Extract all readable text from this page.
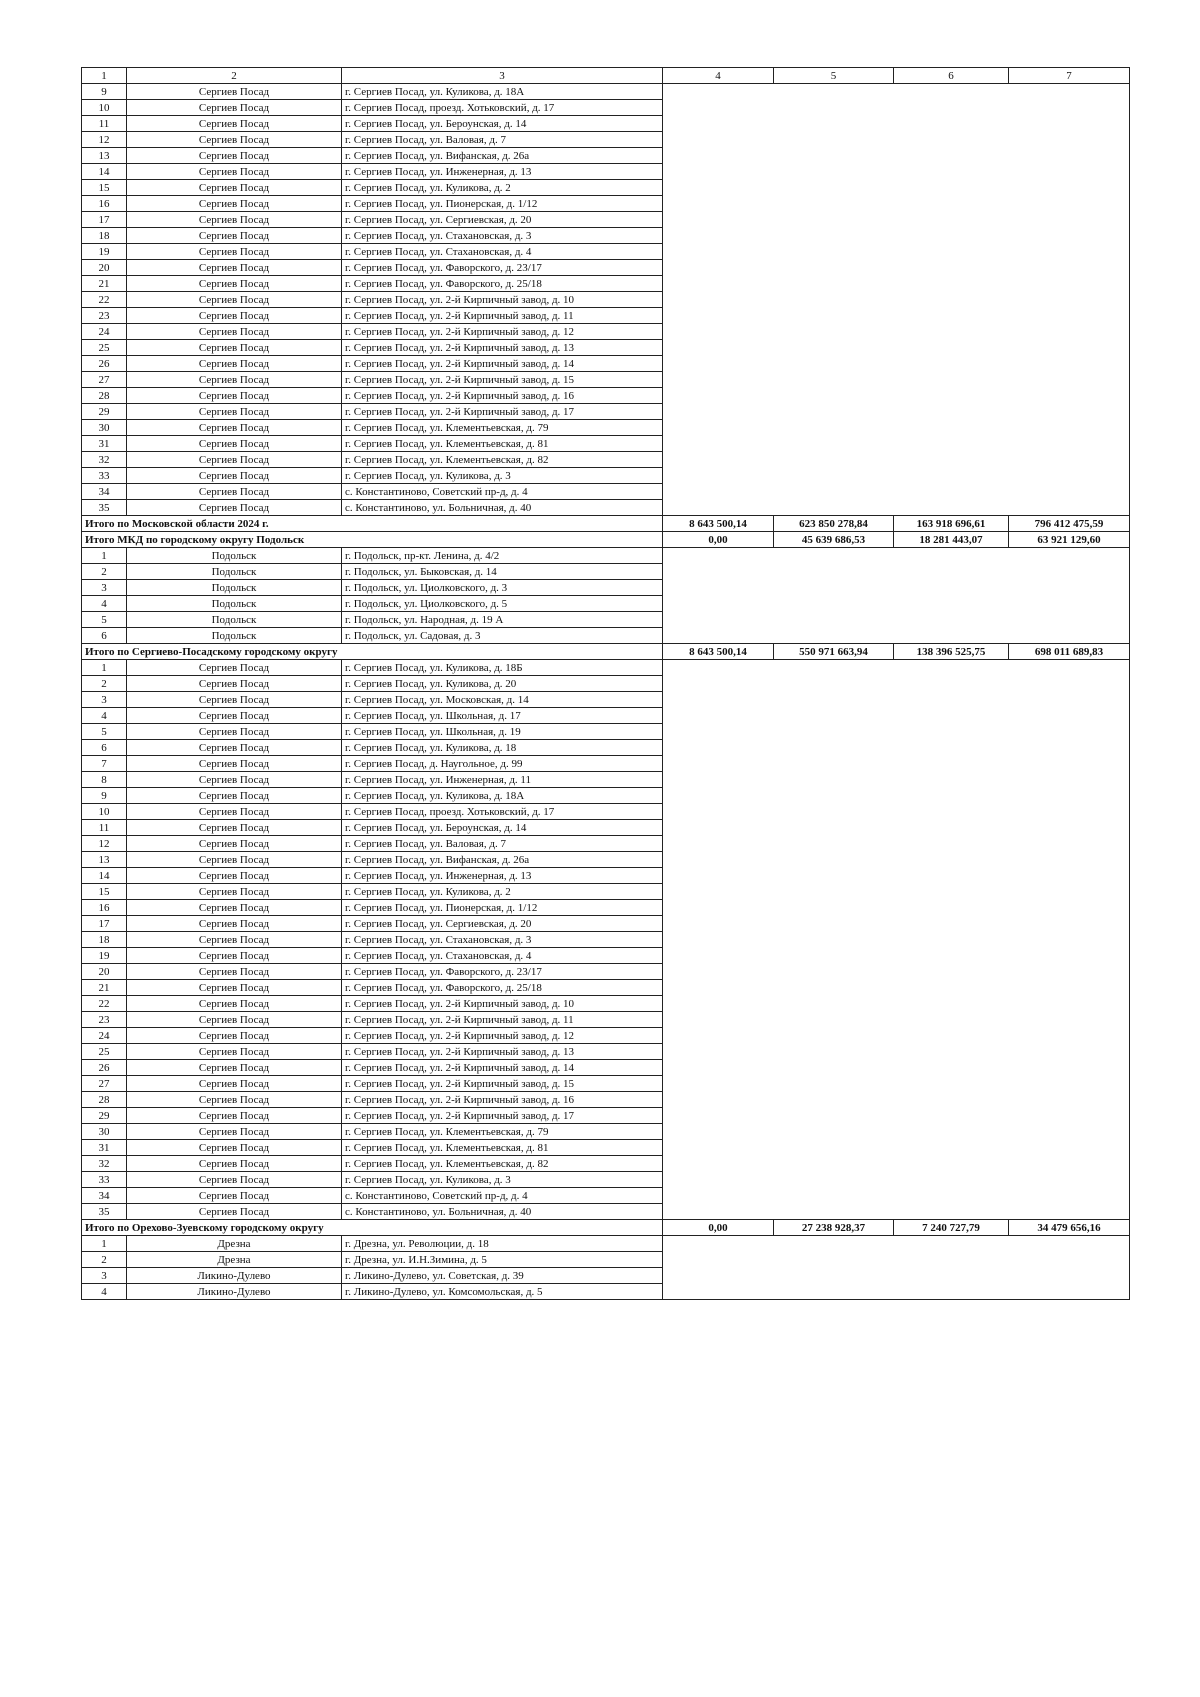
1	2	3	4	5	6	7
9	Сергиев Посад	г. Сергиев Посад, ул. Куликова, д. 18А				
10	Сергиев Посад	г. Сергиев Посад, проезд. Хотьковский, д. 17				
11	Сергиев Посад	г. Сергиев Посад, ул. Бероунская, д. 14				
12	Сергиев Посад	г. Сергиев Посад, ул. Валовая, д. 7				
13	Сергиев Посад	г. Сергиев Посад, ул. Вифанская, д. 26а				
14	Сергиев Посад	г. Сергиев Посад, ул. Инженерная, д. 13				
15	Сергиев Посад	г. Сергиев Посад, ул. Куликова, д. 2				
16	Сергиев Посад	г. Сергиев Посад, ул. Пионерская, д. 1/12				
17	Сергиев Посад	г. Сергиев Посад, ул. Сергиевская, д. 20				
18	Сергиев Посад	г. Сергиев Посад, ул. Стахановская, д. 3				
19	Сергиев Посад	г. Сергиев Посад, ул. Стахановская, д. 4				
20	Сергиев Посад	г. Сергиев Посад, ул. Фаворского, д. 23/17				
21	Сергиев Посад	г. Сергиев Посад, ул. Фаворского, д. 25/18				
22	Сергиев Посад	г. Сергиев Посад, ул. 2-й Кирпичный завод, д. 10				
23	Сергиев Посад	г. Сергиев Посад, ул. 2-й Кирпичный завод, д. 11				
24	Сергиев Посад	г. Сергиев Посад, ул. 2-й Кирпичный завод, д. 12				
25	Сергиев Посад	г. Сергиев Посад, ул. 2-й Кирпичный завод, д. 13				
26	Сергиев Посад	г. Сергиев Посад, ул. 2-й Кирпичный завод, д. 14				
27	Сергиев Посад	г. Сергиев Посад, ул. 2-й Кирпичный завод, д. 15				
28	Сергиев Посад	г. Сергиев Посад, ул. 2-й Кирпичный завод, д. 16				
29	Сергиев Посад	г. Сергиев Посад, ул. 2-й Кирпичный завод, д. 17				
30	Сергиев Посад	г. Сергиев Посад, ул. Клементьевская, д. 79				
31	Сергиев Посад	г. Сергиев Посад, ул. Клементьевская, д. 81				
32	Сергиев Посад	г. Сергиев Посад, ул. Клементьевская, д. 82				
33	Сергиев Посад	г. Сергиев Посад, ул. Куликова, д. 3				
34	Сергиев Посад	с. Константиново, Советский пр-д, д. 4				
35	Сергиев Посад	с. Константиново, ул. Больничная, д. 40				
Итого по Московской области 2024 г.			8 643 500,14	623 850 278,84	163 918 696,61	796 412 475,59
Итого МКД по городскому округу Подольск			0,00	45 639 686,53	18 281 443,07	63 921 129,60
1	Подольск	г. Подольск, пр-кт. Ленина, д. 4/2				
2	Подольск	г. Подольск, ул. Быковская, д. 14				
3	Подольск	г. Подольск, ул. Циолковского, д. 3				
4	Подольск	г. Подольск, ул. Циолковского, д. 5				
5	Подольск	г. Подольск, ул. Народная, д. 19 А				
6	Подольск	г. Подольск, ул. Садовая, д. 3				
Итого по Сергиево-Посадскому городскому округу			8 643 500,14	550 971 663,94	138 396 525,75	698 011 689,83
1	Сергиев Посад	г. Сергиев Посад, ул. Куликова, д. 18Б				
2	Сергиев Посад	г. Сергиев Посад, ул. Куликова, д. 20				
3	Сергиев Посад	г. Сергиев Посад, ул. Московская, д. 14				
4	Сергиев Посад	г. Сергиев Посад, ул. Школьная, д. 17				
5	Сергиев Посад	г. Сергиев Посад, ул. Школьная, д. 19				
6	Сергиев Посад	г. Сергиев Посад, ул. Куликова, д. 18				
7	Сергиев Посад	г. Сергиев Посад, д. Наугольное, д. 99				
8	Сергиев Посад	г. Сергиев Посад, ул. Инженерная, д. 11				
9	Сергиев Посад	г. Сергиев Посад, ул. Куликова, д. 18А				
10	Сергиев Посад	г. Сергиев Посад, проезд. Хотьковский, д. 17				
11	Сергиев Посад	г. Сергиев Посад, ул. Бероунская, д. 14				
12	Сергиев Посад	г. Сергиев Посад, ул. Валовая, д. 7				
13	Сергиев Посад	г. Сергиев Посад, ул. Вифанская, д. 26а				
14	Сергиев Посад	г. Сергиев Посад, ул. Инженерная, д. 13				
15	Сергиев Посад	г. Сергиев Посад, ул. Куликова, д. 2				
16	Сергиев Посад	г. Сергиев Посад, ул. Пионерская, д. 1/12				
17	Сергиев Посад	г. Сергиев Посад, ул. Сергиевская, д. 20				
18	Сергиев Посад	г. Сергиев Посад, ул. Стахановская, д. 3				
19	Сергиев Посад	г. Сергиев Посад, ул. Стахановская, д. 4				
20	Сергиев Посад	г. Сергиев Посад, ул. Фаворского, д. 23/17				
21	Сергиев Посад	г. Сергиев Посад, ул. Фаворского, д. 25/18				
22	Сергиев Посад	г. Сергиев Посад, ул. 2-й Кирпичный завод, д. 10				
23	Сергиев Посад	г. Сергиев Посад, ул. 2-й Кирпичный завод, д. 11				
24	Сергиев Посад	г. Сергиев Посад, ул. 2-й Кирпичный завод, д. 12				
25	Сергиев Посад	г. Сергиев Посад, ул. 2-й Кирпичный завод, д. 13				
26	Сергиев Посад	г. Сергиев Посад, ул. 2-й Кирпичный завод, д. 14				
27	Сергиев Посад	г. Сергиев Посад, ул. 2-й Кирпичный завод, д. 15				
28	Сергиев Посад	г. Сергиев Посад, ул. 2-й Кирпичный завод, д. 16				
29	Сергиев Посад	г. Сергиев Посад, ул. 2-й Кирпичный завод, д. 17				
30	Сергиев Посад	г. Сергиев Посад, ул. Клементьевская, д. 79				
31	Сергиев Посад	г. Сергиев Посад, ул. Клементьевская, д. 81				
32	Сергиев Посад	г. Сергиев Посад, ул. Клементьевская, д. 82				
33	Сергиев Посад	г. Сергиев Посад, ул. Куликова, д. 3				
34	Сергиев Посад	с. Константиново, Советский пр-д, д. 4				
35	Сергиев Посад	с. Константиново, ул. Больничная, д. 40				
Итого по Орехово-Зуевскому городскому округу			0,00	27 238 928,37	7 240 727,79	34 479 656,16
1	Дрезна	г. Дрезна, ул. Революции, д. 18				
2	Дрезна	г. Дрезна, ул. И.Н.Зимина, д. 5				
3	Ликино-Дулево	г. Ликино-Дулево, ул. Советская, д. 39				
4	Ликино-Дулево	г. Ликино-Дулево, ул. Комсомольская, д. 5				
